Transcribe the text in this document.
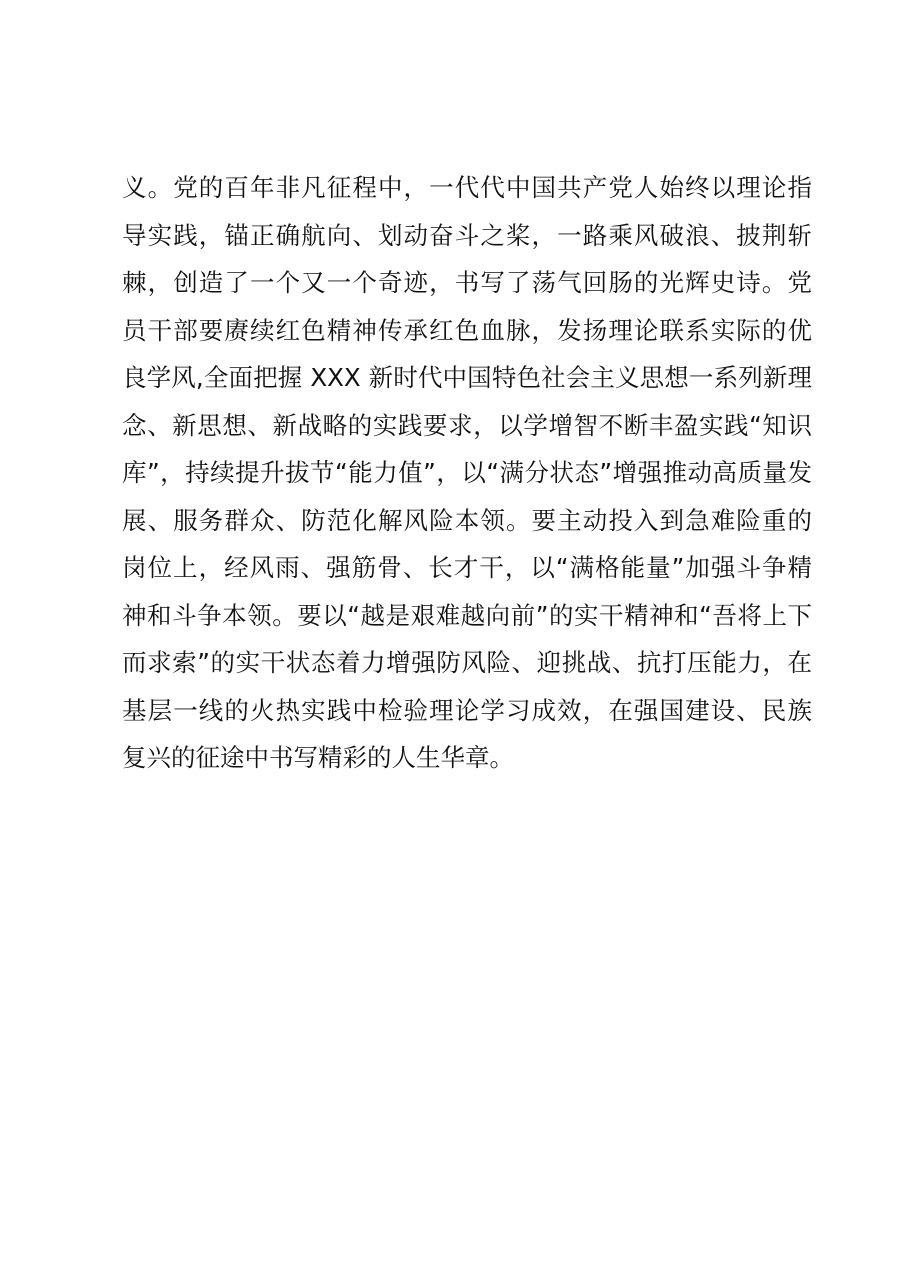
义。党的百年非凡征程中，一代代中国共产党人始终以理论指
导实践，锚正确航向、划动奋斗之桨，一路乘风破浪、披荆斩
棘，创造了一个又一个奇迹，书写了荡气回肠的光辉史诗。党
员干部要赓续红色精神传承红色血脉，发扬理论联系实际的优
良学风,全面把握 XXX 新时代中国特色社会主义思想一系列新理
念、新思想、新战略的实践要求，以学增智不断丰盈实践“知识
库”，持续提升拔节“能力值”，以“满分状态”增强推动高质量发
展、服务群众、防范化解风险本领。要主动投入到急难险重的
岗位上，经风雨、强筋骨、长才干，以“满格能量”加强斗争精
神和斗争本领。要以“越是艰难越向前”的实干精神和“吾将上下
而求索”的实干状态着力增强防风险、迎挑战、抗打压能力，在
基层一线的火热实践中检验理论学习成效，在强国建设、民族
复兴的征途中书写精彩的人生华章。
